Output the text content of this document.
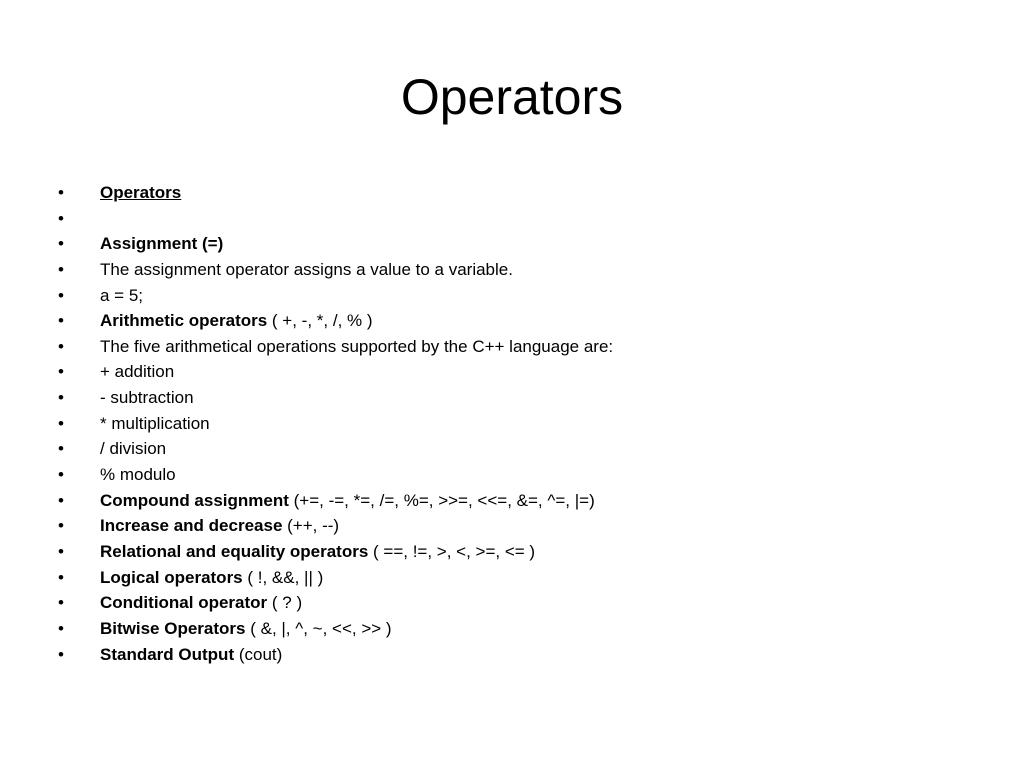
Operators
• Operators
•
• Assignment (=)
• The assignment operator assigns a value to a variable.
• a = 5;
• Arithmetic operators ( +, -, *, /, % )
• The five arithmetical operations supported by the C++ language are:
• + addition
• - subtraction
• * multiplication
• / division
• % modulo
• Compound assignment (+=, -=, *=, /=, %=, >>=, <<=, &=, ^=, |=)
• Increase and decrease (++, --)
• Relational and equality operators ( ==, !=, >, <, >=, <= )
• Logical operators ( !, &&, || )
• Conditional operator ( ? )
• Bitwise Operators ( &, |, ^, ~, <<, >> )
• Standard Output (cout)
